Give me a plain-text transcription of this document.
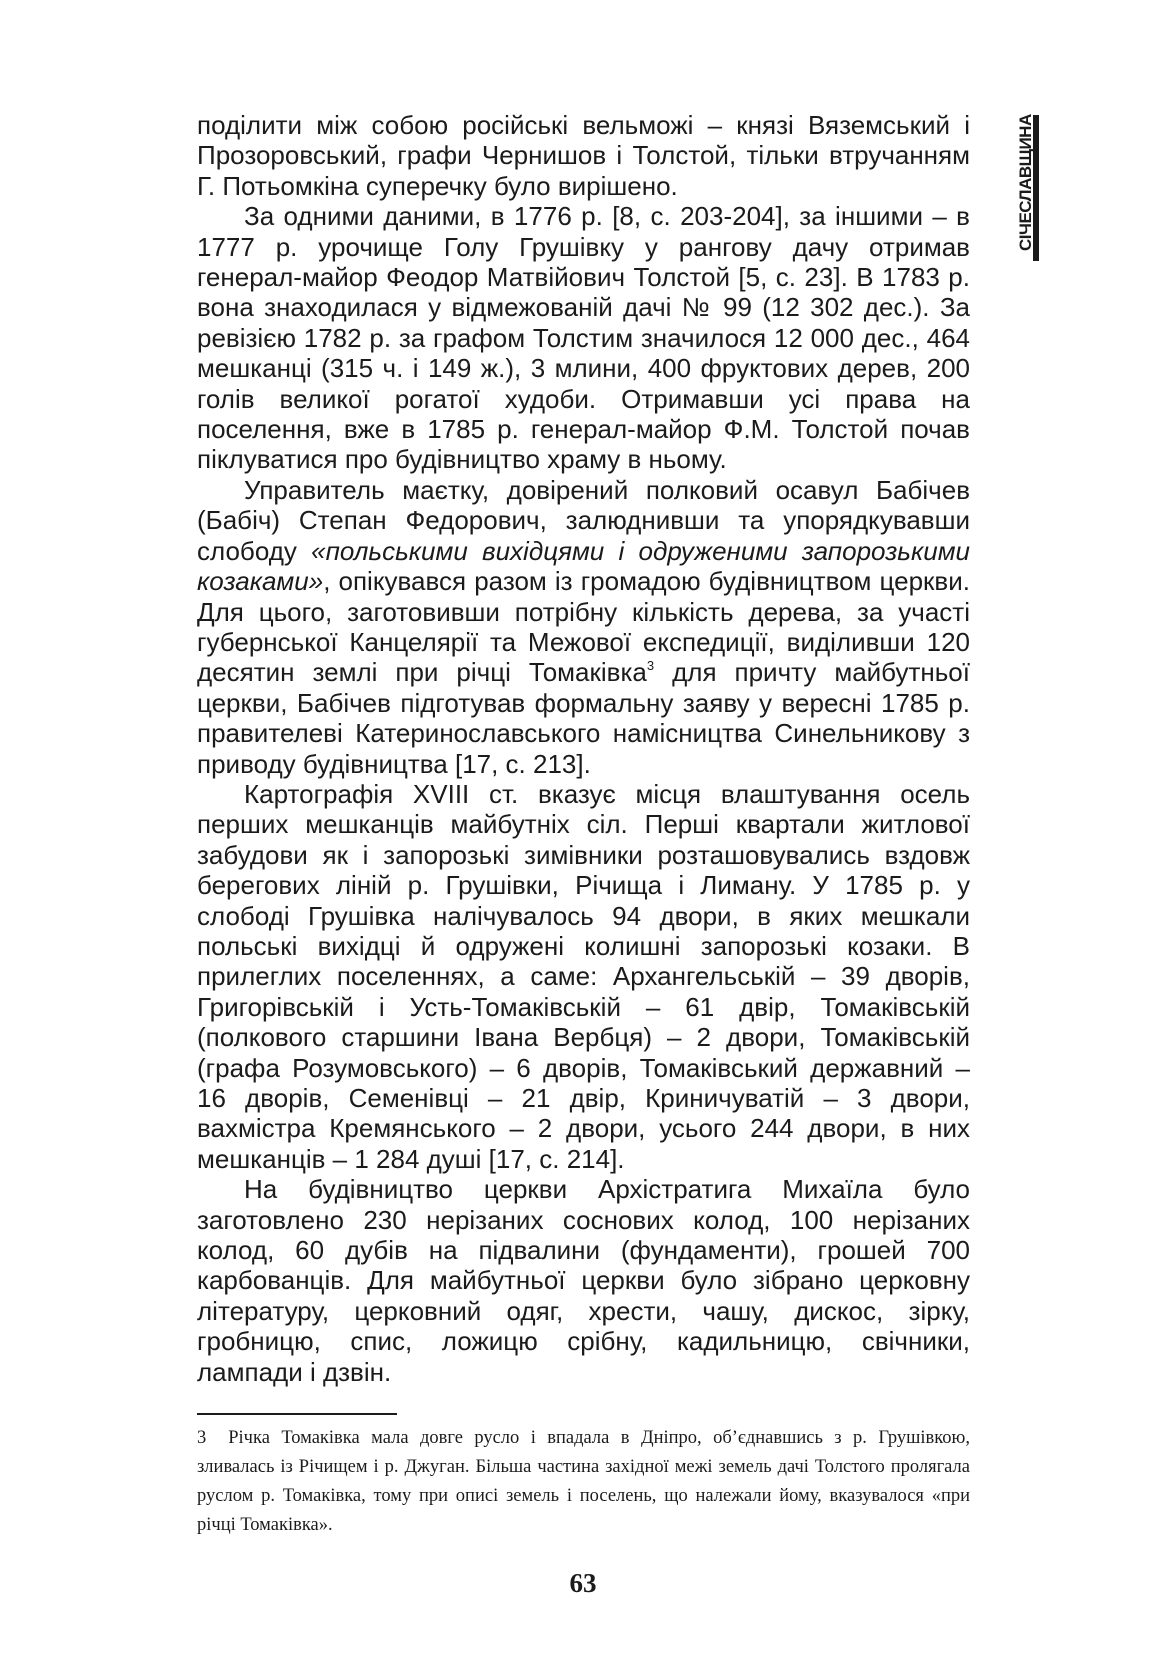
СІЧЕСЛАВЩИНА

поділити між собою російські вельможі – князі Вяземський і Прозоровський, графи Чернишов і Толстой, тільки втручанням Г. Потьомкіна суперечку було вирішено.

За одними даними, в 1776 р. [8, с. 203-204], за іншими – в 1777 р. урочище Голу Грушівку у рангову дачу отримав генерал-майор Феодор Матвійович Толстой [5, с. 23]. В 1783 р. вона знаходилася у відмежованій дачі № 99 (12 302 дес.). За ревізією 1782 р. за графом Толстим значилося 12 000 дес., 464 мешканці (315 ч. і 149 ж.), 3 млини, 400 фруктових дерев, 200 голів великої рогатої худоби. Отримавши усі права на поселення, вже в 1785 р. генерал-майор Ф.М. Толстой почав піклуватися про будівництво храму в ньому.

Управитель маєтку, довірений полковий осавул Бабічев (Бабіч) Степан Федорович, залюднивши та упорядкувавши слободу «польськими вихідцями і одруженими запорозькими козаками», опікувався разом із громадою будівництвом церкви. Для цього, заготовивши потрібну кількість дерева, за участі губернської Канцелярії та Межової експедиції, виділивши 120 десятин землі при річці Томаківка$^3$ для причту майбутньої церкви, Бабічев підготував формальну заяву у вересні 1785 р. правителеві Катеринославського намісництва Синельникову з приводу будівництва [17, с. 213].

Картографія XVIII ст. вказує місця влаштування осель перших мешканців майбутніх сіл. Перші квартали житлової забудови як і запорозькі зимівники розташовувались вздовж берегових ліній р. Грушівки, Річища і Лиману. У 1785 р. у слободі Грушівка налічувалось 94 двори, в яких мешкали польські вихідці й одружені колишні запорозькі козаки. В прилеглих поселеннях, а саме: Архангельській – 39 дворів, Григорівській і Усть-Томаківській – 61 двір, Томаківській (полкового старшини Івана Вербця) – 2 двори, Томаківській (графа Розумовського) – 6 дворів, Томаківський державний – 16 дворів, Семенівці – 21 двір, Криничуватій – 3 двори, вахмістра Кремянського – 2 двори, усього 244 двори, в них мешканців – 1 284 душі [17, с. 214].

На будівництво церкви Архістратига Михаїла було заготовлено 230 нерізаних соснових колод, 100 нерізаних колод, 60 дубів на підвалини (фундаменти), грошей 700 карбованців. Для майбутньої церкви було зібрано церковну літературу, церковний одяг, хрести, чашу, дискос, зірку, гробницю, спис, ложицю срібну, кадильницю, свічники, лампади і дзвін.

3 Річка Томаківка мала довге русло і впадала в Дніпро, об’єднавшись з р. Грушівкою, зливалась із Річищем і р. Джуган. Більша частина західної межі земель дачі Толстого пролягала руслом р. Томаківка, тому при описі земель і поселень, що належали йому, вказувалося «при річці Томаківка».
63
